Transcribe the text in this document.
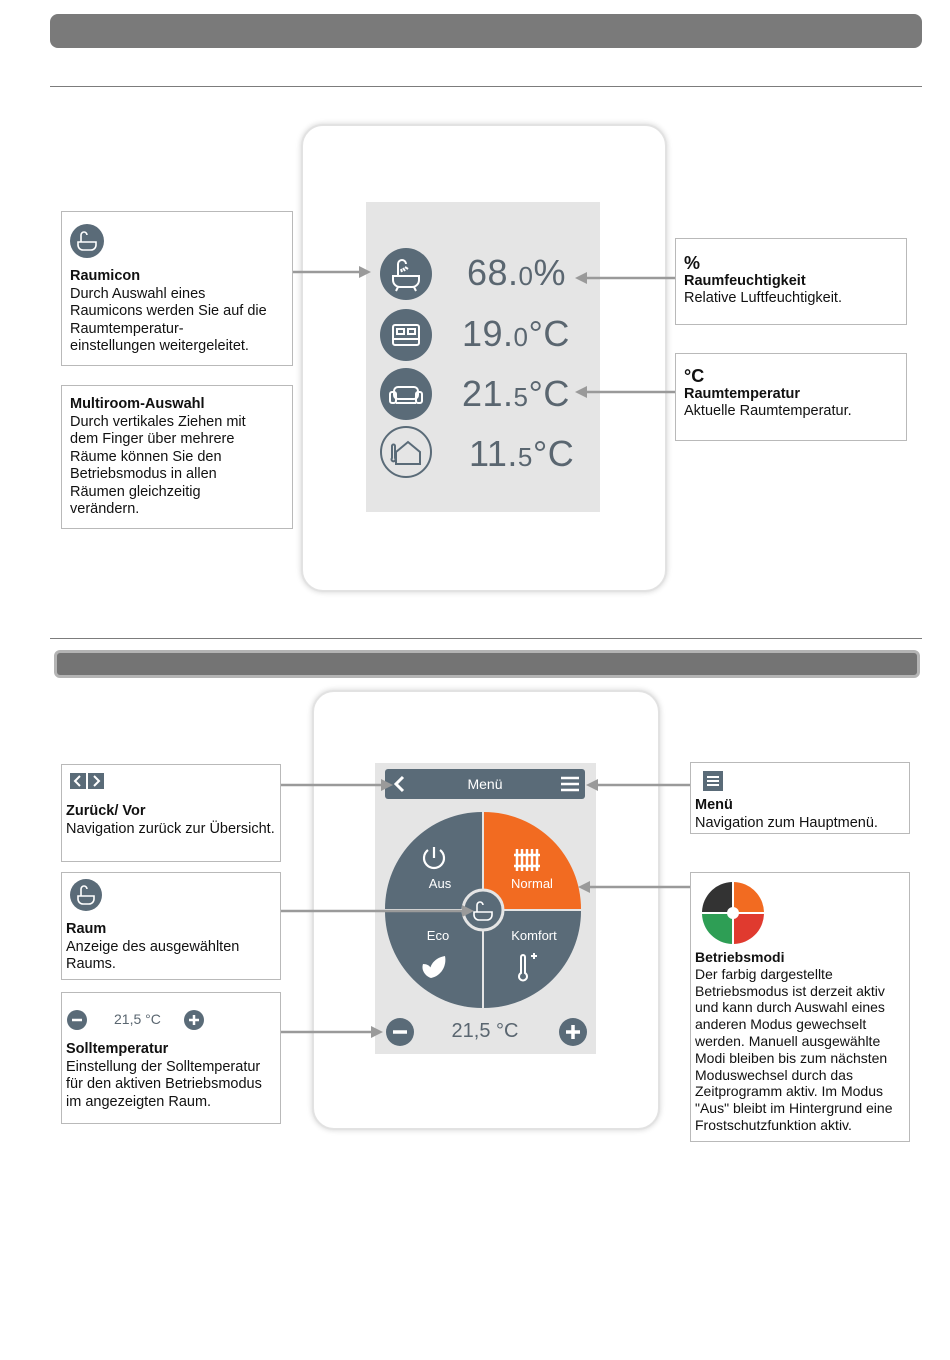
68.0%
19.0°C
21.5°C
11.5°C
Raumicon
Durch Auswahl eines
Raumicons werden Sie auf die
Raumtemperatur-
einstellungen weitergeleitet.
Multiroom-Auswahl
Durch vertikales Ziehen mit
dem Finger über mehrere
Räume können Sie den
Betriebsmodus in allen
Räumen gleichzeitig
verändern.
%
Raumfeuchtigkeit
Relative Luftfeuchtigkeit.
°C
Raumtemperatur
Aktuelle Raumtemperatur.
Menü
Aus	Normal
Eco	Komfort
21,5 °C
Zurück/ Vor
Navigation zurück zur Übersicht.
Raum
Anzeige des ausgewählten
Raums.
21,5 °C
Solltemperatur
Einstellung der Solltemperatur
für den aktiven Betriebsmodus
im angezeigten Raum.
Menü
Navigation zum Hauptmenü.
Betriebsmodi
Der farbig dargestellte
Betriebsmodus ist derzeit aktiv
und kann durch Auswahl eines
anderen Modus gewechselt
werden. Manuell ausgewählte
Modi bleiben bis zum nächsten
Moduswechsel durch das
Zeitprogramm aktiv. Im Modus
"Aus" bleibt im Hintergrund eine
Frostschutzfunktion aktiv.
